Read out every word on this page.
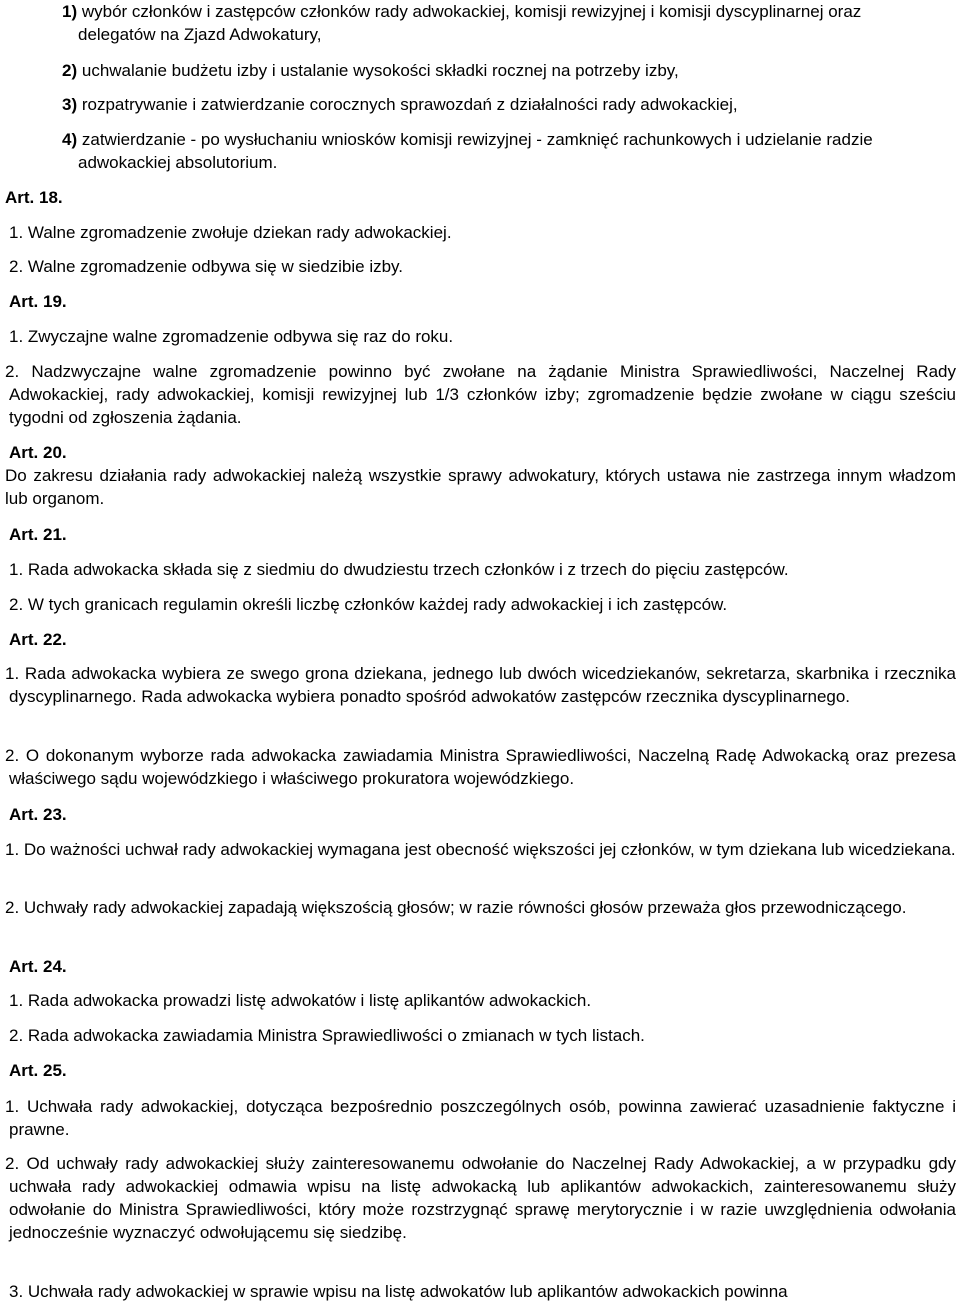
1) wybór członków i zastępców członków rady adwokackiej, komisji rewizyjnej i komisji dyscyplinarnej oraz delegatów na Zjazd Adwokatury,
2) uchwalanie budżetu izby i ustalanie wysokości składki rocznej na potrzeby izby,
3) rozpatrywanie i zatwierdzanie corocznych sprawozdań z działalności rady adwokackiej,
4) zatwierdzanie - po wysłuchaniu wniosków komisji rewizyjnej - zamknięć rachunkowych i udzielanie radzie adwokackiej absolutorium.
Art. 18.
1. Walne zgromadzenie zwołuje dziekan rady adwokackiej.
2. Walne zgromadzenie odbywa się w siedzibie izby.
Art. 19.
1. Zwyczajne walne zgromadzenie odbywa się raz do roku.
2. Nadzwyczajne walne zgromadzenie powinno być zwołane na żądanie Ministra Sprawiedliwości, Naczelnej Rady Adwokackiej, rady adwokackiej, komisji rewizyjnej lub 1/3 członków izby; zgromadzenie będzie zwołane w ciągu sześciu tygodni od zgłoszenia żądania.
Art. 20.
Do zakresu działania rady adwokackiej należą wszystkie sprawy adwokatury, których ustawa nie zastrzega innym władzom lub organom.
Art. 21.
1. Rada adwokacka składa się z siedmiu do dwudziestu trzech członków i z trzech do pięciu zastępców.
2. W tych granicach regulamin określi liczbę członków każdej rady adwokackiej i ich zastępców.
Art. 22.
1. Rada adwokacka wybiera ze swego grona dziekana, jednego lub dwóch wicedziekanów, sekretarza, skarbnika i rzecznika dyscyplinarnego. Rada adwokacka wybiera ponadto spośród adwokatów zastępców rzecznika dyscyplinarnego.
2. O dokonanym wyborze rada adwokacka zawiadamia Ministra Sprawiedliwości, Naczelną Radę Adwokacką oraz prezesa właściwego sądu wojewódzkiego i właściwego prokuratora wojewódzkiego.
Art. 23.
1. Do ważności uchwał rady adwokackiej wymagana jest obecność większości jej członków, w tym dziekana lub wicedziekana.
2. Uchwały rady adwokackiej zapadają większością głosów; w razie równości głosów przeważa głos przewodniczącego.
Art. 24.
1. Rada adwokacka prowadzi listę adwokatów i listę aplikantów adwokackich.
2. Rada adwokacka zawiadamia Ministra Sprawiedliwości o zmianach w tych listach.
Art. 25.
1. Uchwała rady adwokackiej, dotycząca bezpośrednio poszczególnych osób, powinna zawierać uzasadnienie faktyczne i prawne.
2. Od uchwały rady adwokackiej służy zainteresowanemu odwołanie do Naczelnej Rady Adwokackiej, a w przypadku gdy uchwała rady adwokackiej odmawia wpisu na listę adwokacką lub aplikantów adwokackich, zainteresowanemu służy odwołanie do Ministra Sprawiedliwości, który może rozstrzygnąć sprawę merytorycznie i w razie uwzględnienia odwołania jednocześnie wyznaczyć odwołującemu się siedzibę.
3. Uchwała rady adwokackiej w sprawie wpisu na listę adwokatów lub aplikantów adwokackich powinna
